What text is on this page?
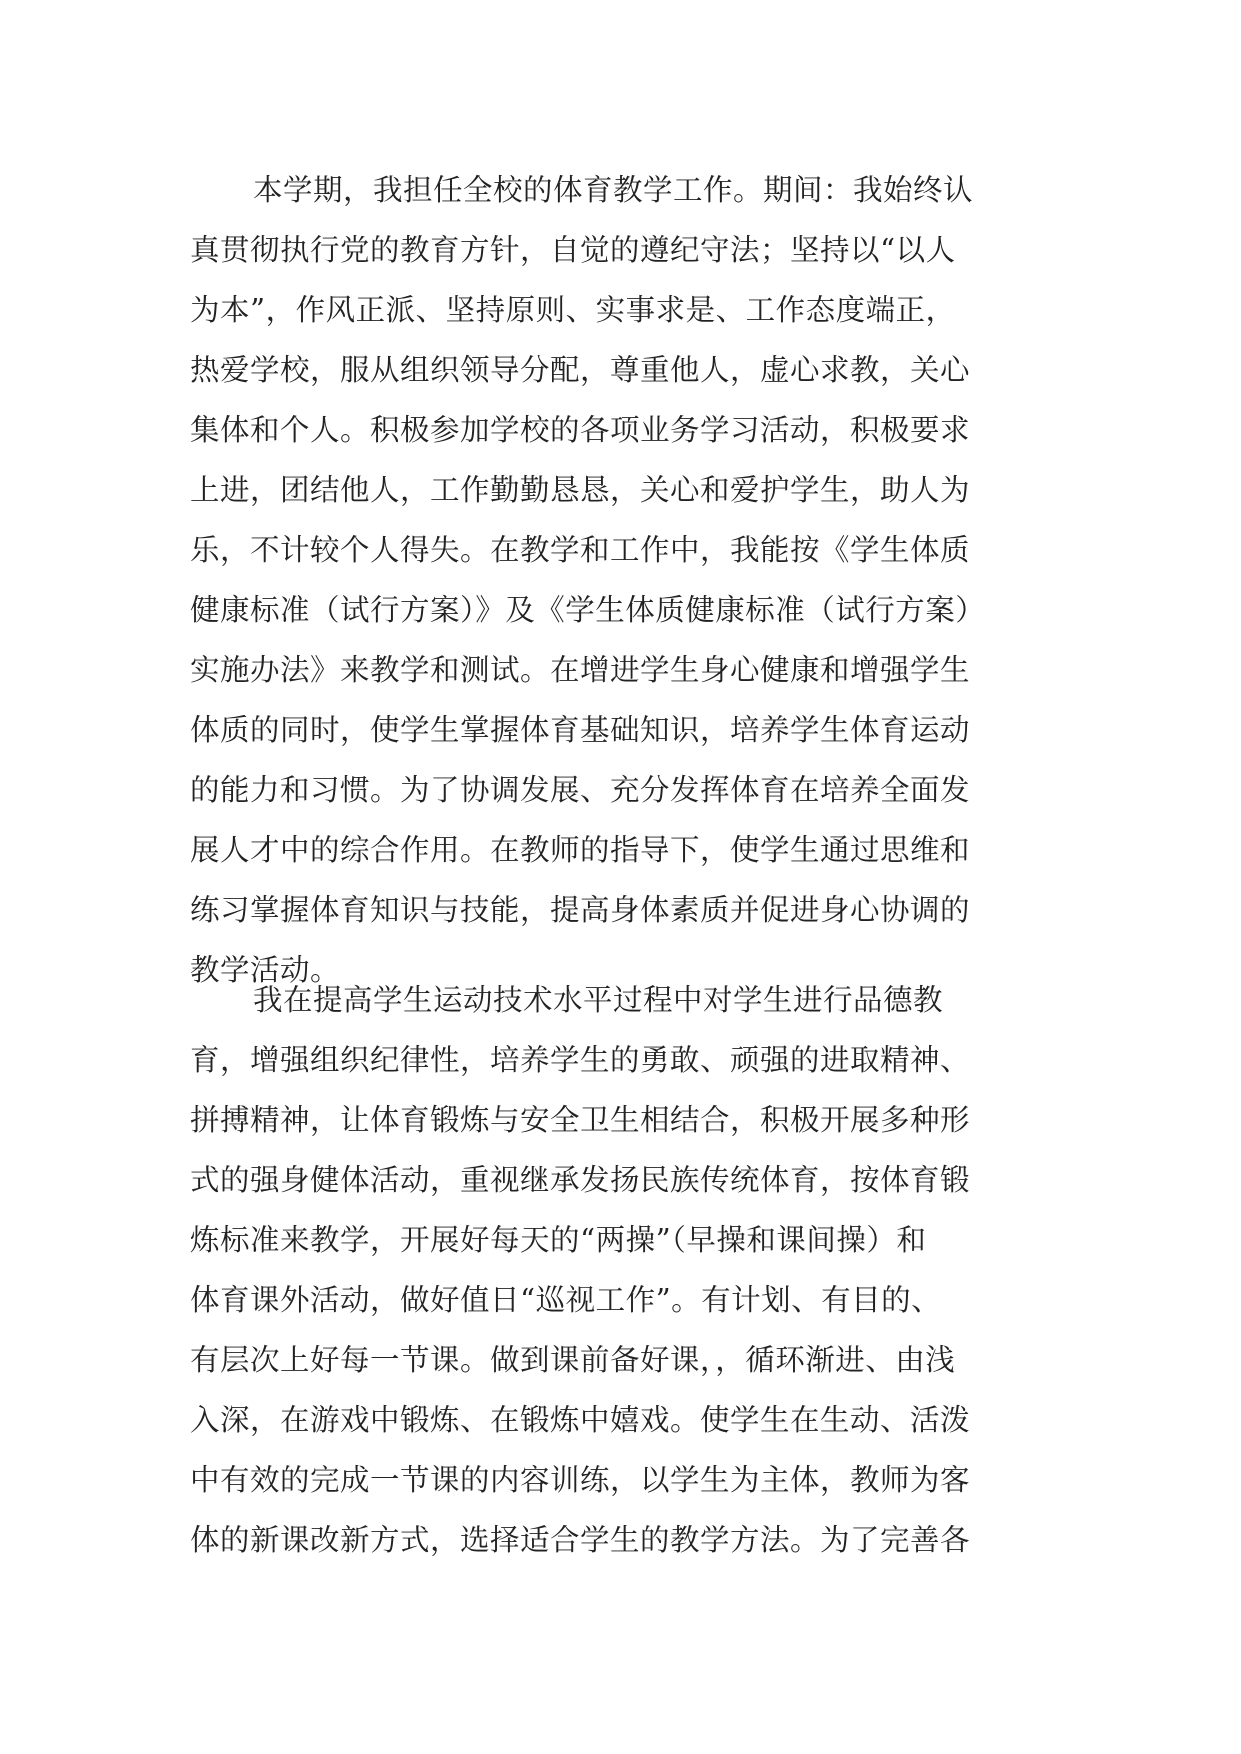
本学期，我担任全校的体育教学工作。期间：我始终认
真贯彻执行党的教育方针，自觉的遵纪守法；坚持以“以人
为本”，作风正派、坚持原则、实事求是、工作态度端正，
热爱学校，服从组织领导分配，尊重他人，虚心求教，关心
集体和个人。积极参加学校的各项业务学习活动，积极要求
上进，团结他人，工作勤勤恳恳，关心和爱护学生，助人为
乐，不计较个人得失。在教学和工作中，我能按《学生体质
健康标准（试行方案）》及《学生体质健康标准（试行方案）
实施办法》来教学和测试。在增进学生身心健康和增强学生
体质的同时，使学生掌握体育基础知识，培养学生体育运动
的能力和习惯。为了协调发展、充分发挥体育在培养全面发
展人才中的综合作用。在教师的指导下，使学生通过思维和
练习掌握体育知识与技能，提高身体素质并促进身心协调的
教学活动。
我在提高学生运动技术水平过程中对学生进行品德教
育，增强组织纪律性，培养学生的勇敢、顽强的进取精神、
拼搏精神，让体育锻炼与安全卫生相结合，积极开展多种形
式的强身健体活动，重视继承发扬民族传统体育，按体育锻
炼标准来教学，开展好每天的“两操”（早操和课间操）和
体育课外活动，做好值日“巡视工作”。有计划、有目的、
有层次上好每一节课。做到课前备好课，，循环渐进、由浅
入深，在游戏中锻炼、在锻炼中嬉戏。使学生在生动、活泼
中有效的完成一节课的内容训练，以学生为主体，教师为客
体的新课改新方式，选择适合学生的教学方法。为了完善各
